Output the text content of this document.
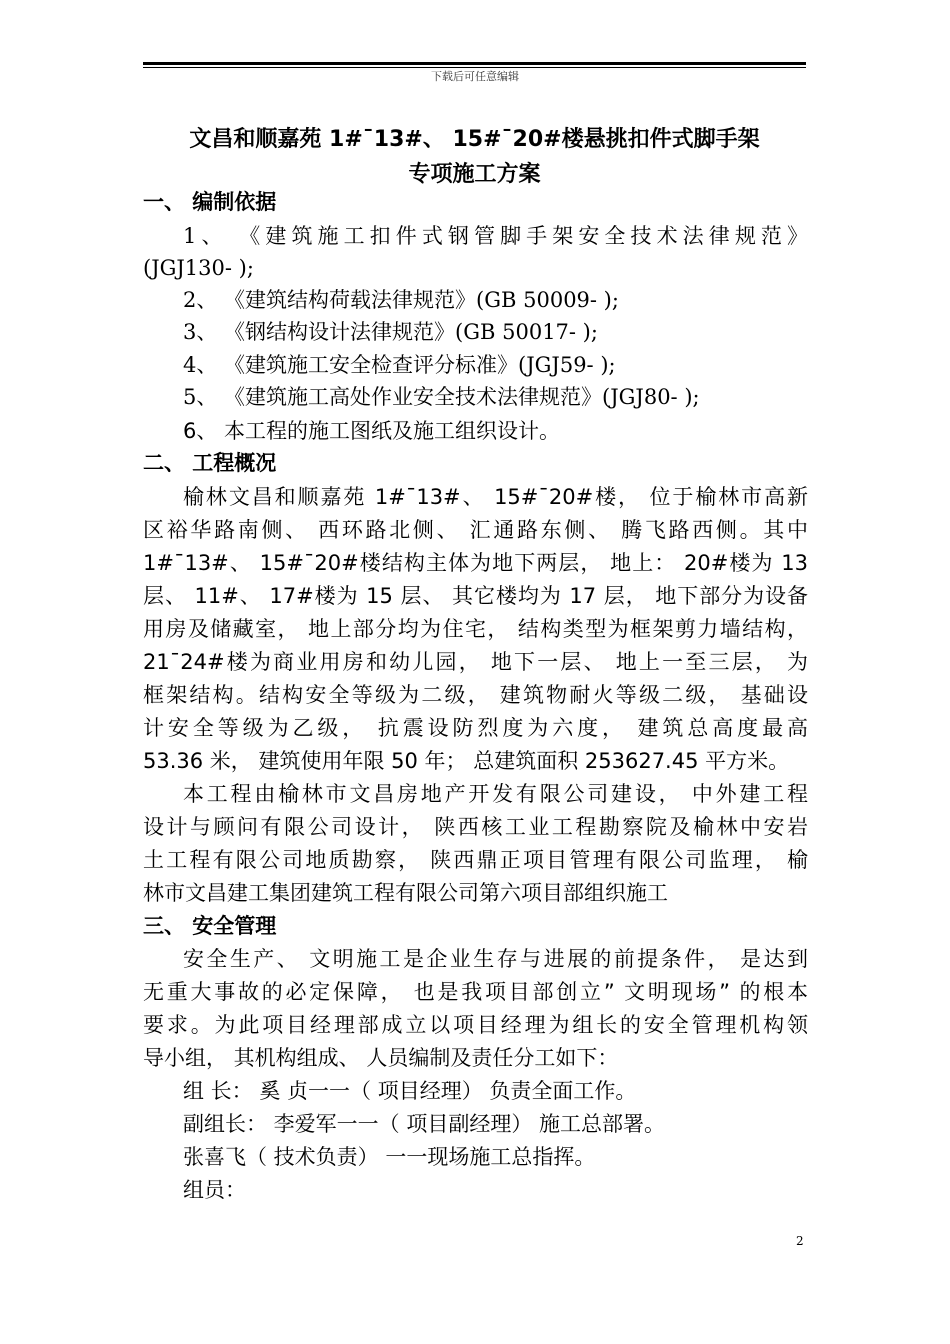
下载后可任意编辑
文昌和顺嘉苑 1#¯13#、 15#¯20#楼悬挑扣件式脚手架
专项施工方案
一、 编制依据
1、 《建筑施工扣件式钢管脚手架安全技术法律规范》
(JGJ130- );
2、 《建筑结构荷载法律规范》(GB 50009- );
3、 《钢结构设计法律规范》(GB 50017- );
4、 《建筑施工安全检查评分标准》(JGJ59- );
5、 《建筑施工高处作业安全技术法律规范》(JGJ80- );
6、 本工程的施工图纸及施工组织设计。
二、 工程概况
榆林文昌和顺嘉苑 1#¯13#、 15#¯20#楼， 位于榆林市高新
区裕华路南侧、 西环路北侧、 汇通路东侧、 腾飞路西侧。其中
1#¯13#、 15#¯20#楼结构主体为地下两层， 地上： 20#楼为 13
层、 11#、 17#楼为 15 层、 其它楼均为 17 层， 地下部分为设备
用房及储藏室， 地上部分均为住宅， 结构类型为框架剪力墙结构，
21¯24#楼为商业用房和幼儿园， 地下一层、 地上一至三层， 为
框架结构。结构安全等级为二级， 建筑物耐火等级二级， 基础设
计安全等级为乙级， 抗震设防烈度为六度， 建筑总高度最高
53.36 米， 建筑使用年限 50 年； 总建筑面积 253627.45 平方米。
本工程由榆林市文昌房地产开发有限公司建设， 中外建工程
设计与顾问有限公司设计， 陕西核工业工程勘察院及榆林中安岩
土工程有限公司地质勘察， 陕西鼎正项目管理有限公司监理， 榆
林市文昌建工集团建筑工程有限公司第六项目部组织施工
三、 安全管理
安全生产、 文明施工是企业生存与进展的前提条件， 是达到
无重大事故的必定保障， 也是我项目部创立” 文明现场” 的根本
要求。为此项目经理部成立以项目经理为组长的安全管理机构领
导小组， 其机构组成、 人员编制及责任分工如下：
组 长： 奚 贞一一（ 项目经理） 负责全面工作。
副组长： 李爱军一一（ 项目副经理） 施工总部署。
张喜飞（ 技术负责） 一一现场施工总指挥。
组员：
2
